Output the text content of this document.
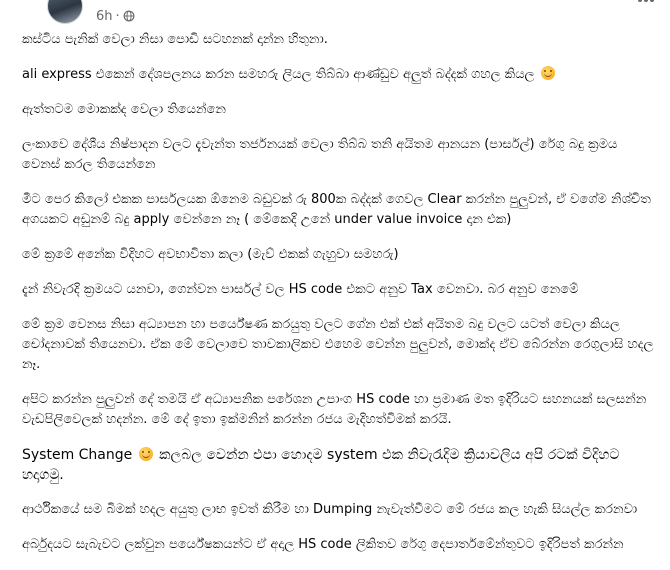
6h ·

කස්ටිය පැනික් වෙලා නිසා පොඩි සටහනක් දාන්න හිතුනා.

ali express එකෙන් දේශපලනය කරන සමහරු ලියල තිබ්බා ආණ්ඩුව අලුත් බද්දක් ගහල කියල

ඇත්තටම මොකක්ද වෙලා තියෙන්නෙ

ලංකාවෙ දේශීය නිෂ්පාදන වලට දැවැන්ත තර්ජනයක් වෙලා තිබ්බ තනි අයිතම ආනයන (පාර්සල්) රේගු බදු ක්‍රමය වෙනස් කරල තියෙන්නෙ

මීට පෙර කිලෝ එකක පාර්සලයක ඕනෙම බඩුවක් රු 800ක බද්දක් ගෙවල Clear කරන්න පුලුවන්, ඒ වගේම නිශ්චිත අගයකට අඩුනම් බදු apply වෙන්නෙ නෑ ( මේකෙදි උනේ under value invoice දාන එක)

මේ ක්‍රමේ අනේක විදිහට අවභාවිතා කලා (මැව් එකක් ගැහුවා සමහරු)

දැන් නිවැරදි ක්‍රමයට යනවා, ගෙන්වන පාර්සල් වල HS code එකට අනුව Tax වෙනවා. බර අනුව නෙමේ

මේ ක්‍රම වෙනස නිසා අධ්‍යාපන හා පර්යේෂණ කරයුතු වලට ගේන එක් එක් අයිතම බදු වලට යටත් වෙලා කියල චෝදනාවක් තියෙනවා. ඒක මේ වෙලාවෙ තාවකාලිකව එහෙම වෙන්න පුලුවන්, මොක්ද ඒව බේරන්න රෙගුලාසි හදල නෑ.

අපිට කරන්න පුලුවන් දේ තමයි ඒ අධ්‍යාපනික පරේශන උපාංග HS code හා ප්‍රමාණ මත ඉදිරියට සහනයක් සලසන්න වැඩපිලිවෙලක් හදන්න. මේ දේ ඉතා ඉක්මනින් කරන්න රජය මැදිහත්විමක් කරයි.

System Change කලබල වෙන්න එපා හොදම system එක නිවැරැදිම ක්‍රියාවලිය අපි රටක් විදිහට හදාගමු.

ආර්ථිකයේ සම බිමක් හදල අයුතු ලාභ ඉවත් කිරීම හා Dumping නැවැත්වීමට මේ රජය කල හැකි සියල්ල කරනවා

අර්බුදයට සැබැවට ලක්වුන පර්යේෂකයන්ට ඒ අදාල HS code ලිකිතව රේගු දෙපාර්තමේන්තුවට ඉදිරිපත් කරන්න
